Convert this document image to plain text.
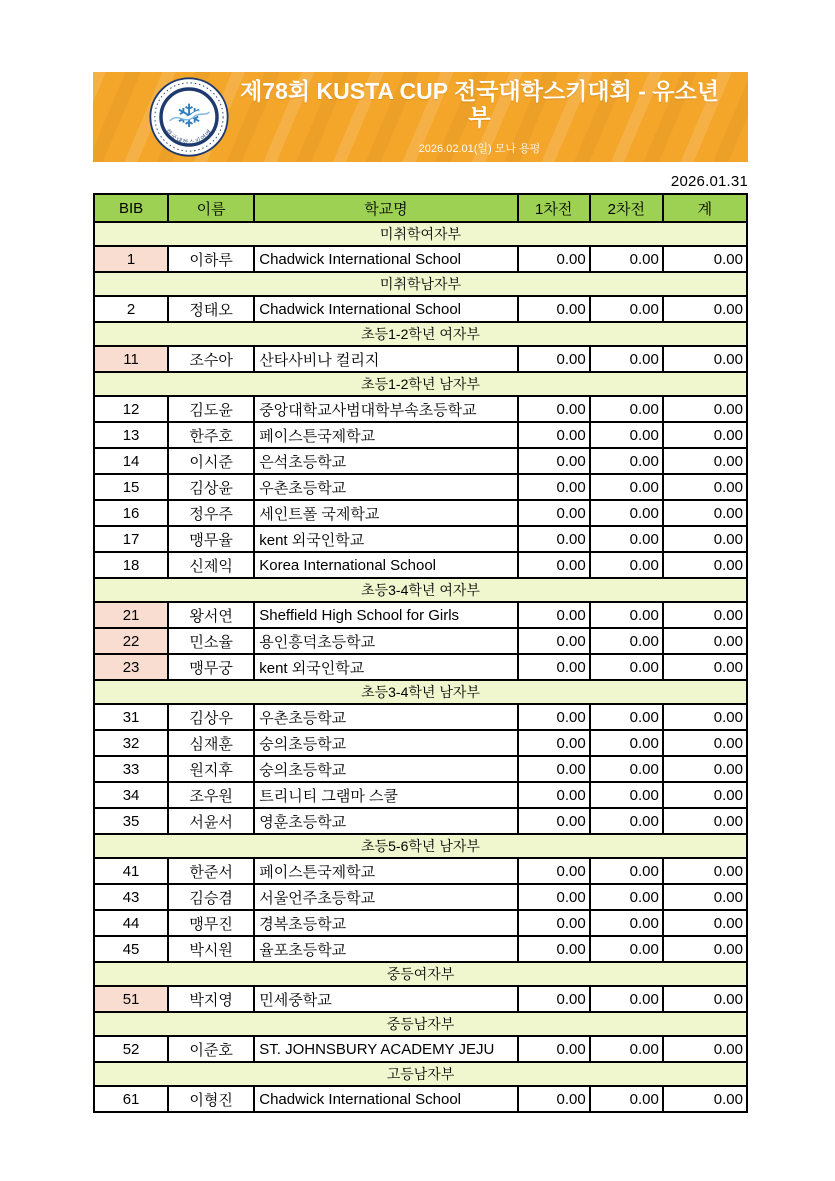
❄
한국대학스키연맹
제78회 KUSTA CUP 전국대학스키대회 - 유소년부
2026.02.01(일) 모나 용평
2026.01.31
BIB	이름	학교명	1차전	2차전	계
미취학여자부					
1	이하루	Chadwick International School	0.00	0.00	0.00
미취학남자부					
2	정태오	Chadwick International School	0.00	0.00	0.00
초등1-2학년 여자부					
11	조수아	산타사비나 컬리지	0.00	0.00	0.00
초등1-2학년 남자부					
12	김도윤	중앙대학교사범대학부속초등학교	0.00	0.00	0.00
13	한주호	페이스튼국제학교	0.00	0.00	0.00
14	이시준	은석초등학교	0.00	0.00	0.00
15	김상윤	우촌초등학교	0.00	0.00	0.00
16	정우주	세인트폴 국제학교	0.00	0.00	0.00
17	맹무율	kent 외국인학교	0.00	0.00	0.00
18	신제익	Korea International School	0.00	0.00	0.00
초등3-4학년 여자부					
21	왕서연	Sheffield High School for Girls	0.00	0.00	0.00
22	민소율	용인흥덕초등학교	0.00	0.00	0.00
23	맹무궁	kent 외국인학교	0.00	0.00	0.00
초등3-4학년 남자부					
31	김상우	우촌초등학교	0.00	0.00	0.00
32	심재훈	숭의초등학교	0.00	0.00	0.00
33	원지후	숭의초등학교	0.00	0.00	0.00
34	조우원	트리니티 그램마 스쿨	0.00	0.00	0.00
35	서윤서	영훈초등학교	0.00	0.00	0.00
초등5-6학년 남자부					
41	한준서	페이스튼국제학교	0.00	0.00	0.00
43	김승겸	서울언주초등학교	0.00	0.00	0.00
44	맹무진	경복초등학교	0.00	0.00	0.00
45	박시원	율포초등학교	0.00	0.00	0.00
중등여자부					
51	박지영	민세중학교	0.00	0.00	0.00
중등남자부					
52	이준호	ST. JOHNSBURY ACADEMY JEJU	0.00	0.00	0.00
고등남자부					
61	이형진	Chadwick International School	0.00	0.00	0.00
